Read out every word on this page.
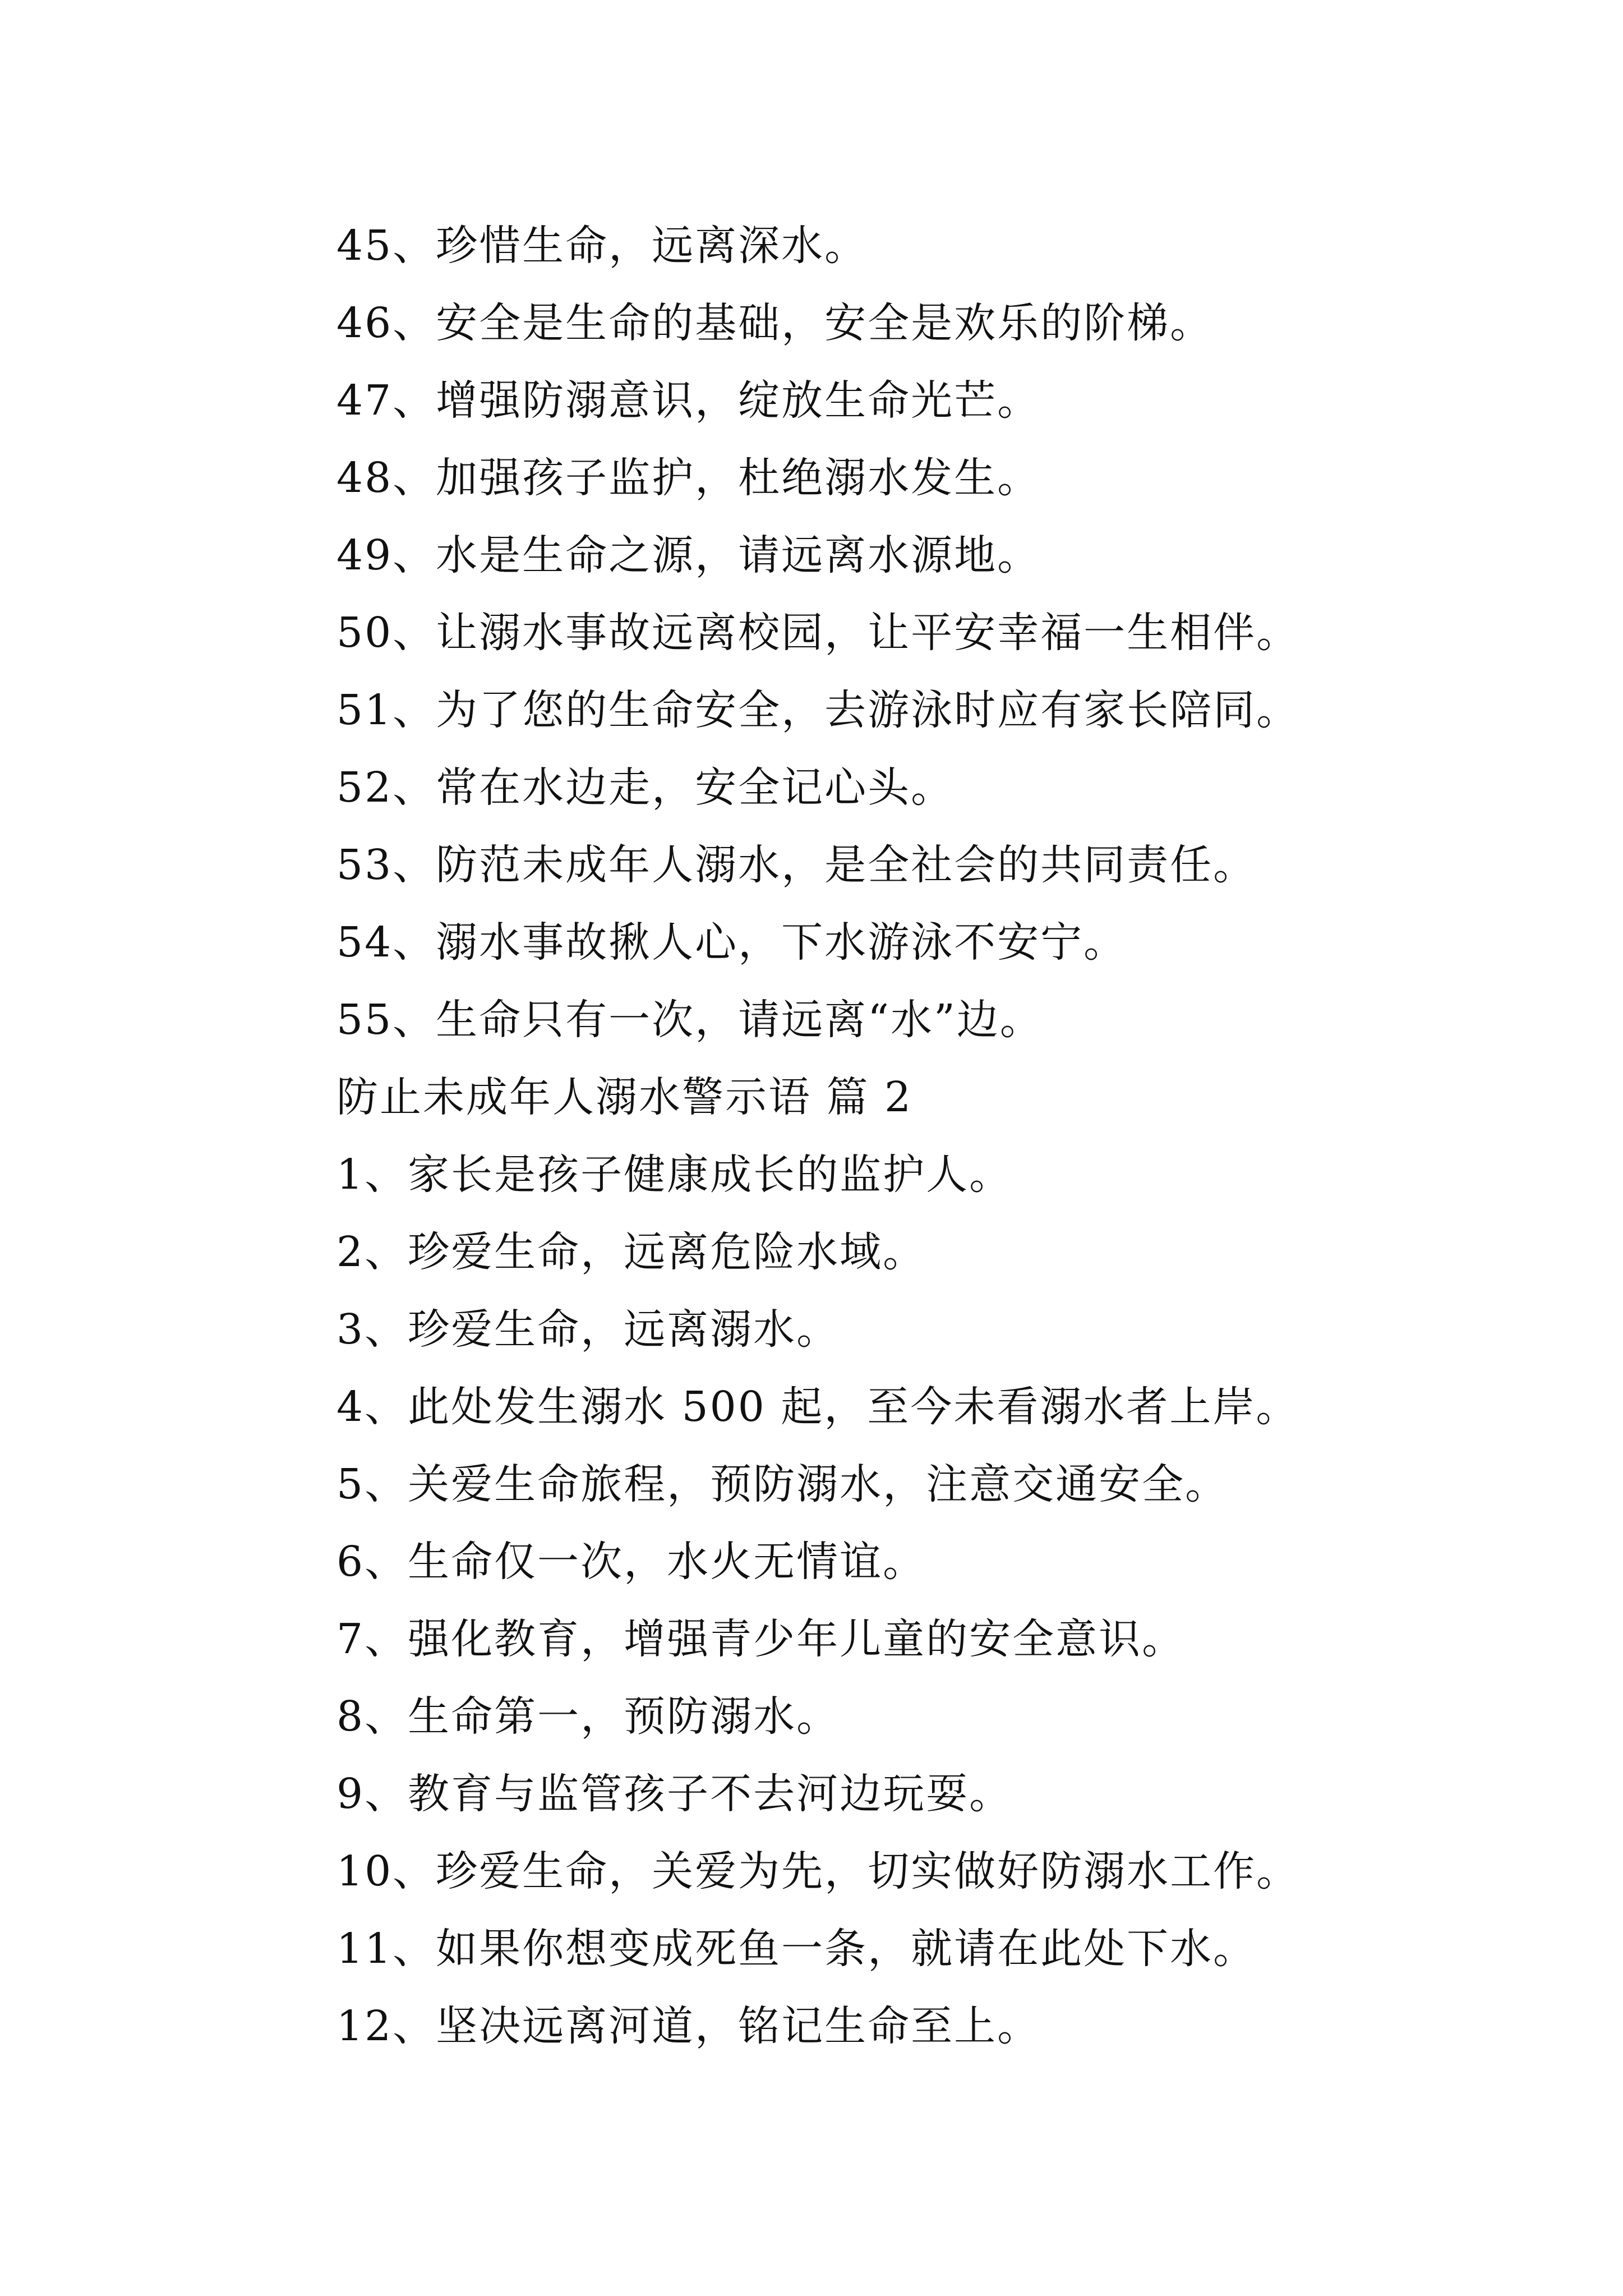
45、珍惜生命，远离深水。
46、安全是生命的基础，安全是欢乐的阶梯。
47、增强防溺意识，绽放生命光芒。
48、加强孩子监护，杜绝溺水发生。
49、水是生命之源，请远离水源地。
50、让溺水事故远离校园，让平安幸福一生相伴。
51、为了您的生命安全，去游泳时应有家长陪同。
52、常在水边走，安全记心头。
53、防范未成年人溺水，是全社会的共同责任。
54、溺水事故揪人心，下水游泳不安宁。
55、生命只有一次，请远离“水”边。
防止未成年人溺水警示语 篇 2
1、家长是孩子健康成长的监护人。
2、珍爱生命，远离危险水域。
3、珍爱生命，远离溺水。
4、此处发生溺水 500 起，至今未看溺水者上岸。
5、关爱生命旅程，预防溺水，注意交通安全。
6、生命仅一次，水火无情谊。
7、强化教育，增强青少年儿童的安全意识。
8、生命第一，预防溺水。
9、教育与监管孩子不去河边玩耍。
10、珍爱生命，关爱为先，切实做好防溺水工作。
11、如果你想变成死鱼一条，就请在此处下水。
12、坚决远离河道，铭记生命至上。
